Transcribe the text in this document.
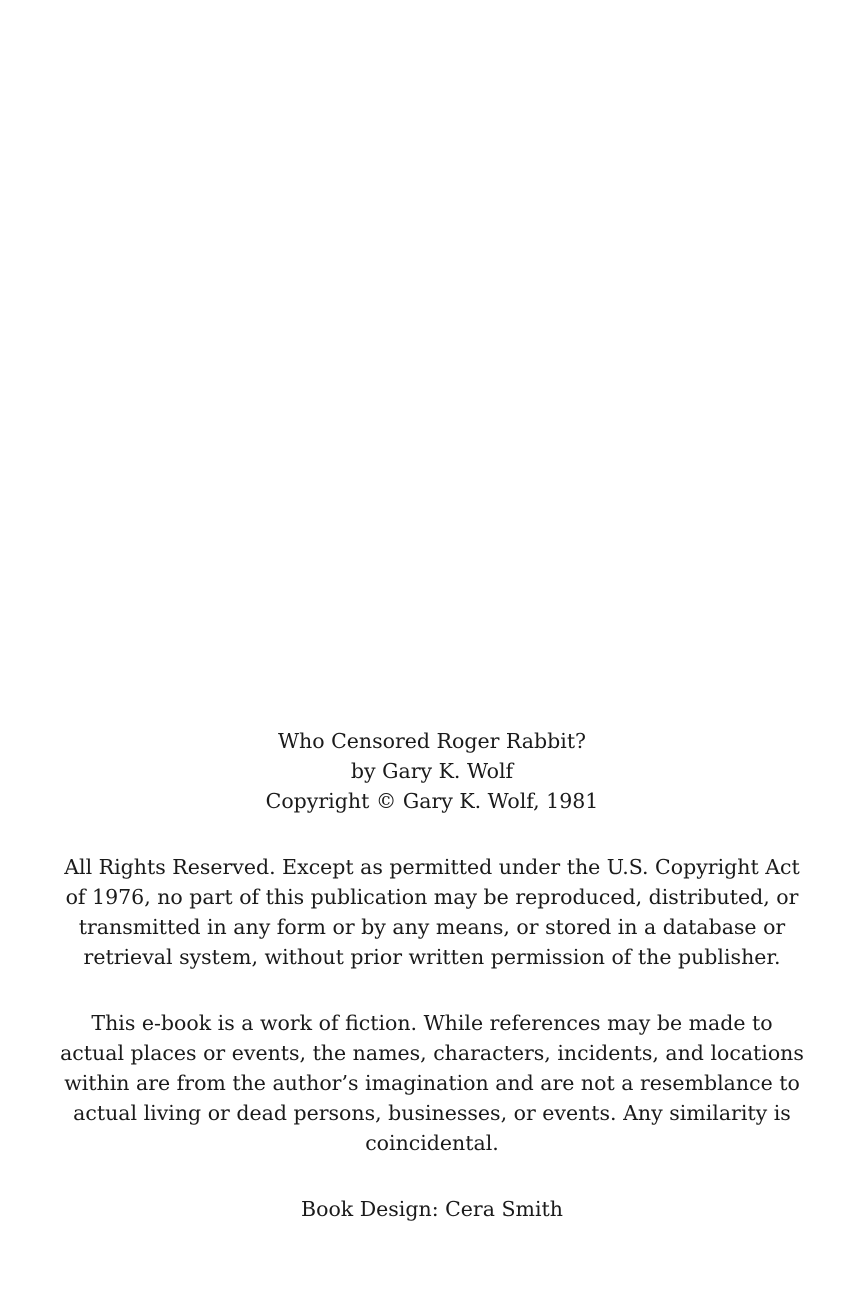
Who Censored Roger Rabbit?
by Gary K. Wolf
Copyright © Gary K. Wolf, 1981
All Rights Reserved. Except as permitted under the U.S. Copyright Act
of 1976, no part of this publication may be reproduced, distributed, or
transmitted in any form or by any means, or stored in a database or
retrieval system, without prior written permission of the publisher.
This e-book is a work of fiction. While references may be made to
actual places or events, the names, characters, incidents, and locations
within are from the author’s imagination and are not a resemblance to
actual living or dead persons, businesses, or events. Any similarity is
coincidental.
Book Design: Cera Smith
